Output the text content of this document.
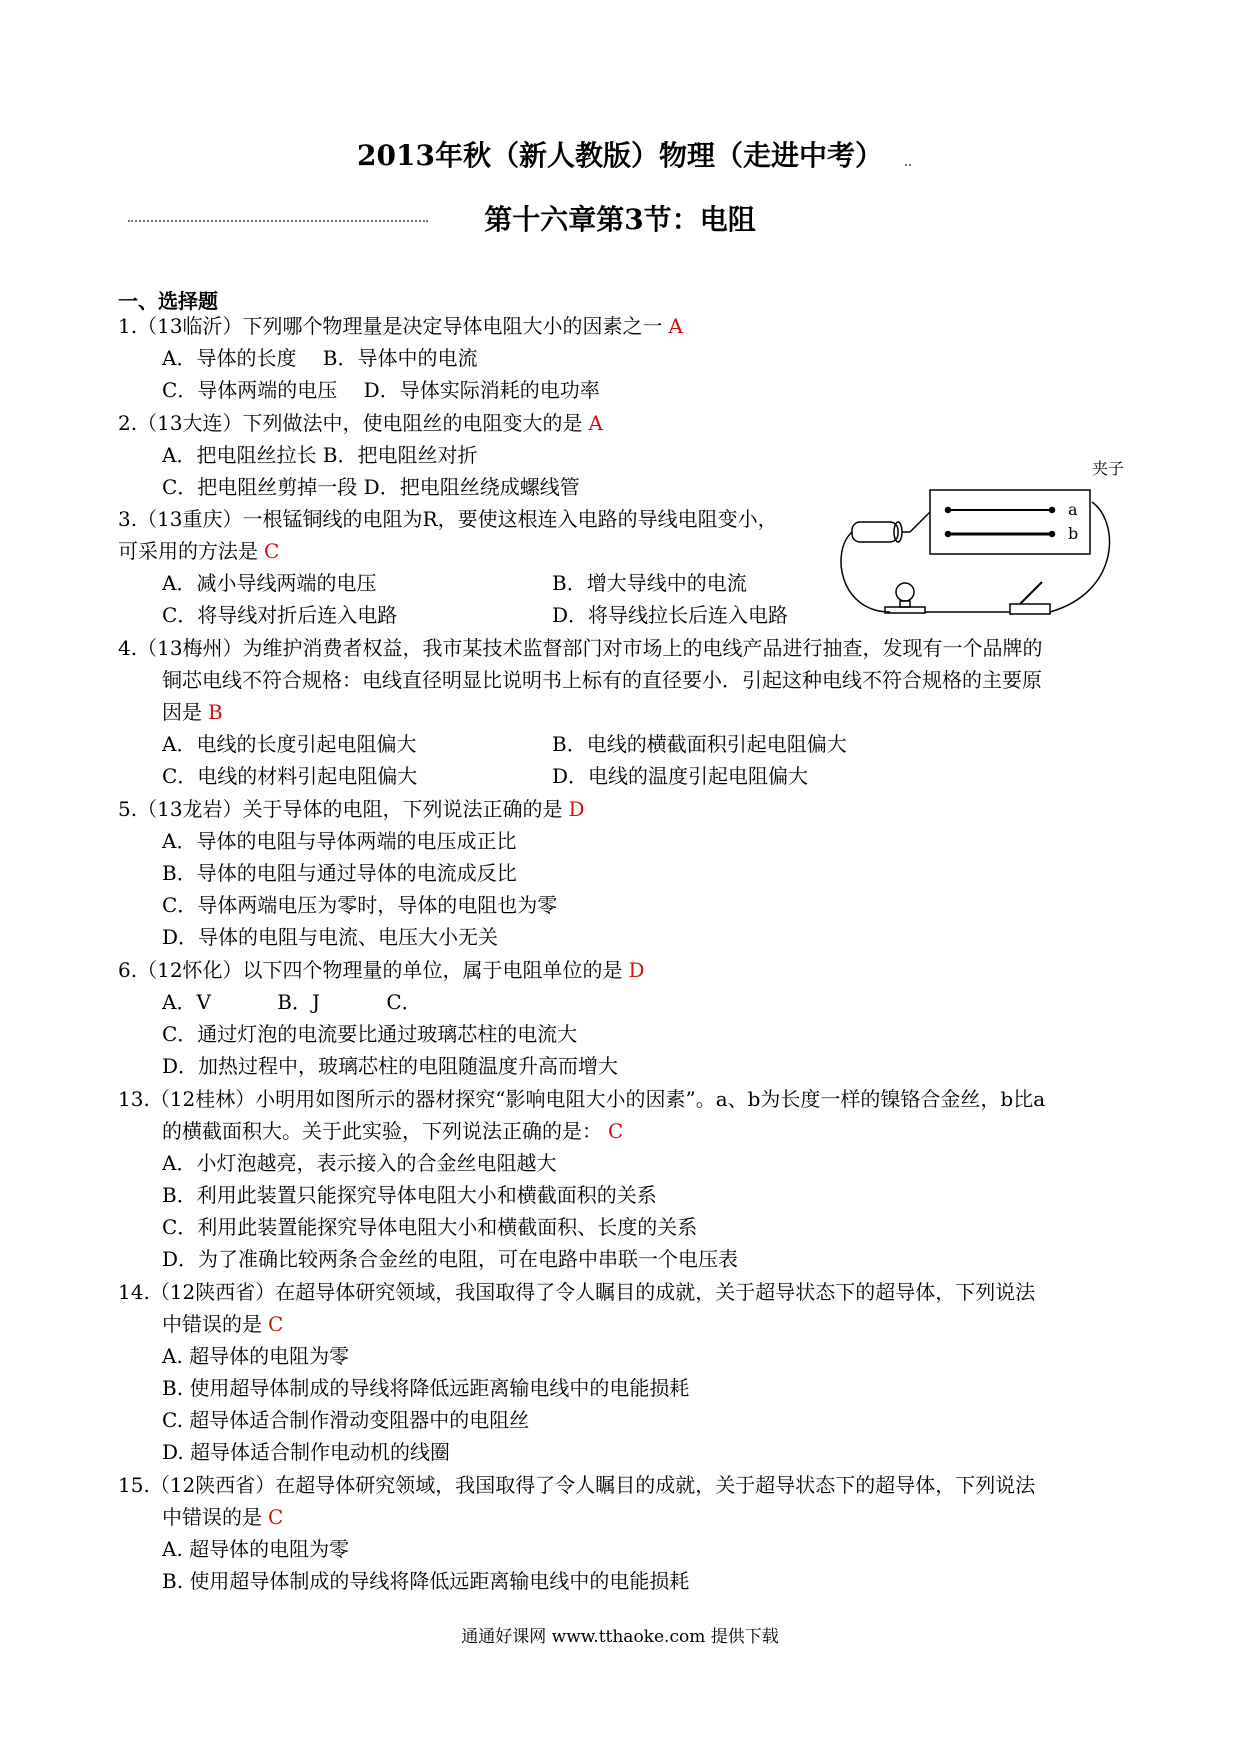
2013年秋（新人教版）物理（走进中考）
第十六章第3节：电阻
一、选择题
1.（13临沂）下列哪个物理量是决定导体电阻大小的因素之一 A
A．导体的长度　 B．导体中的电流
C．导体两端的电压　 D．导体实际消耗的电功率
2.（13大连）下列做法中，使电阻丝的电阻变大的是 A
A．把电阻丝拉长 B．把电阻丝对折
C．把电阻丝剪掉一段 D．把电阻丝绕成螺线管
3.（13重庆）一根锰铜线的电阻为R，要使这根连入电路的导线电阻变小，
可采用的方法是 C
A．减小导线两端的电压	B．增大导线中的电流
C．将导线对折后连入电路	D．将导线拉长后连入电路
4.（13梅州）为维护消费者权益，我市某技术监督部门对市场上的电线产品进行抽查，发现有一个品牌的
铜芯电线不符合规格：电线直径明显比说明书上标有的直径要小．引起这种电线不符合规格的主要原
因是 B
A．电线的长度引起电阻偏大	B．电线的横截面积引起电阻偏大
C．电线的材料引起电阻偏大	D．电线的温度引起电阻偏大
5.（13龙岩）关于导体的电阻，下列说法正确的是 D
A．导体的电阻与导体两端的电压成正比
B．导体的电阻与通过导体的电流成反比
C．导体两端电压为零时，导体的电阻也为零
D．导体的电阻与电流、电压大小无关
6.（12怀化）以下四个物理量的单位，属于电阻单位的是 D
A．V　　　 B．J　　　 C．
C．通过灯泡的电流要比通过玻璃芯柱的电流大
D．加热过程中，玻璃芯柱的电阻随温度升高而增大
13.（12桂林）小明用如图所示的器材探究“影响电阻大小的因素”。a、b为长度一样的镍铬合金丝，b比a
的横截面积大。关于此实验，下列说法正确的是： C
A．小灯泡越亮，表示接入的合金丝电阻越大
B．利用此装置只能探究导体电阻大小和横截面积的关系
C．利用此装置能探究导体电阻大小和横截面积、长度的关系
D．为了准确比较两条合金丝的电阻，可在电路中串联一个电压表
14.（12陕西省）在超导体研究领域，我国取得了令人瞩目的成就，关于超导状态下的超导体，下列说法
中错误的是 C
A. 超导体的电阻为零
B. 使用超导体制成的导线将降低远距离输电线中的电能损耗
C. 超导体适合制作滑动变阻器中的电阻丝
D. 超导体适合制作电动机的线圈
15.（12陕西省）在超导体研究领域，我国取得了令人瞩目的成就，关于超导状态下的超导体，下列说法
中错误的是 C
A. 超导体的电阻为零
B. 使用超导体制成的导线将降低远距离输电线中的电能损耗
夹子
a
b
通通好课网 www.tthaoke.com 提供下载
